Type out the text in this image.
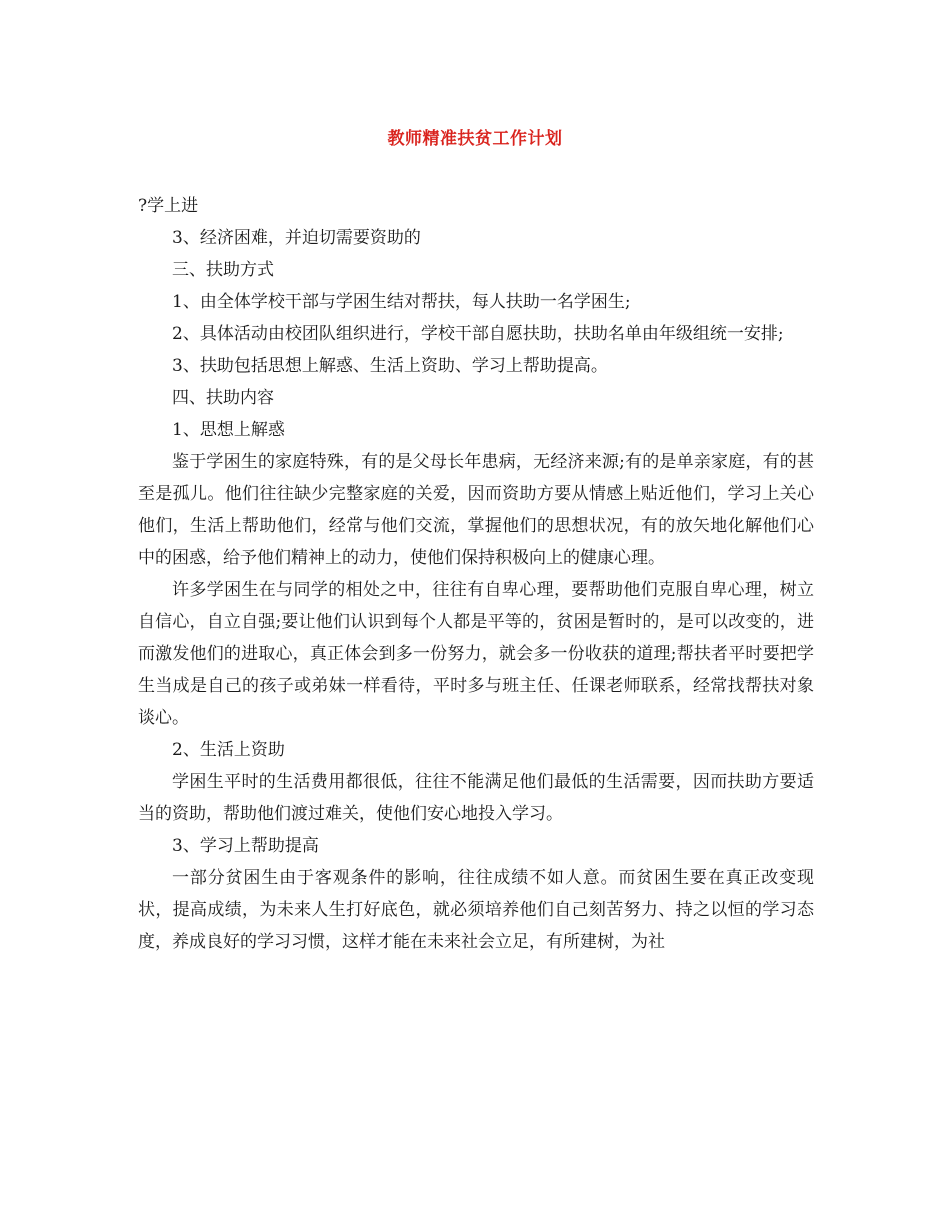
教师精准扶贫工作计划

?学上进

3、经济困难，并迫切需要资助的

三、扶助方式

1、由全体学校干部与学困生结对帮扶，每人扶助一名学困生;

2、具体活动由校团队组织进行，学校干部自愿扶助，扶助名单由年级组统一安排;

3、扶助包括思想上解惑、生活上资助、学习上帮助提高。

四、扶助内容

1、思想上解惑

鉴于学困生的家庭特殊，有的是父母长年患病，无经济来源;有的是单亲家庭，有的甚至是孤儿。他们往往缺少完整家庭的关爱，因而资助方要从情感上贴近他们，学习上关心他们，生活上帮助他们，经常与他们交流，掌握他们的思想状况，有的放矢地化解他们心中的困惑，给予他们精神上的动力，使他们保持积极向上的健康心理。

许多学困生在与同学的相处之中，往往有自卑心理，要帮助他们克服自卑心理，树立自信心，自立自强;要让他们认识到每个人都是平等的，贫困是暂时的，是可以改变的，进而激发他们的进取心，真正体会到多一份努力，就会多一份收获的道理;帮扶者平时要把学生当成是自己的孩子或弟妹一样看待，平时多与班主任、任课老师联系，经常找帮扶对象谈心。

2、生活上资助

学困生平时的生活费用都很低，往往不能满足他们最低的生活需要，因而扶助方要适当的资助，帮助他们渡过难关，使他们安心地投入学习。

3、学习上帮助提高

一部分贫困生由于客观条件的影响，往往成绩不如人意。而贫困生要在真正改变现状，提高成绩，为未来人生打好底色，就必须培养他们自己刻苦努力、持之以恒的学习态度，养成良好的学习习惯，这样才能在未来社会立足，有所建树，为社
